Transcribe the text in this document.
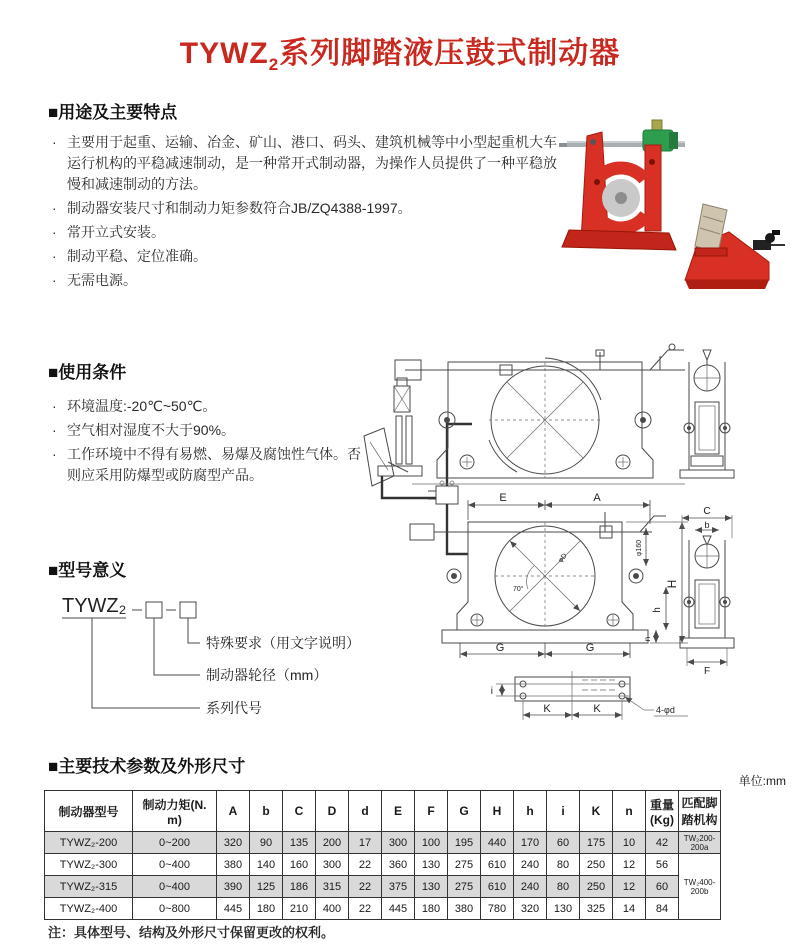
$TYWZ_2$系列脚踏液压鼓式制动器
■用途及主要特点
· 主要用于起重、运输、冶金、矿山、港口、码头、建筑机械等中小型起重机大车运行机构的平稳减速制动，是一种常开式制动器，为操作人员提供了一种平稳放慢和减速制动的方法。
· 制动器安装尺寸和制动力矩参数符合JB/ZQ4388-1997。
· 常开立式安装。
· 制动平稳、定位准确。
· 无需电源。
■使用条件
· 环境温度:-20℃~50℃。
· 空气相对湿度不大于90%。
· 工作环境中不得有易燃、易爆及腐蚀性气体。否则应采用防爆型或防腐型产品。
■型号意义
TYWZ₂
特殊要求（用文字说明）
制动器轮径（mm）
系列代号
70°
φD
E	A
φ160
H
h
n
G	G
C
b
F
i
K	K	4-φd
■主要技术参数及外形尺寸
单位:mm
制动器型号	制动力矩(N. m)	A	b	C	D	d	E	F	G	H	h	i	K	n	重量(Kg)	匹配脚踏机构
TYWZ₂-200	0~200	320	90	135	200	17	300	100	195	440	170	60	175	10	42	TW₂200-200a
TYWZ₂-300	0~400	380	140	160	300	22	360	130	275	610	240	80	250	12	56	TW₂400-200b
TYWZ₂-315	0~400	390	125	186	315	22	375	130	275	610	240	80	250	12	60	
TYWZ₂-400	0~800	445	180	210	400	22	445	180	380	780	320	130	325	14	84	
注：具体型号、结构及外形尺寸保留更改的权利。
